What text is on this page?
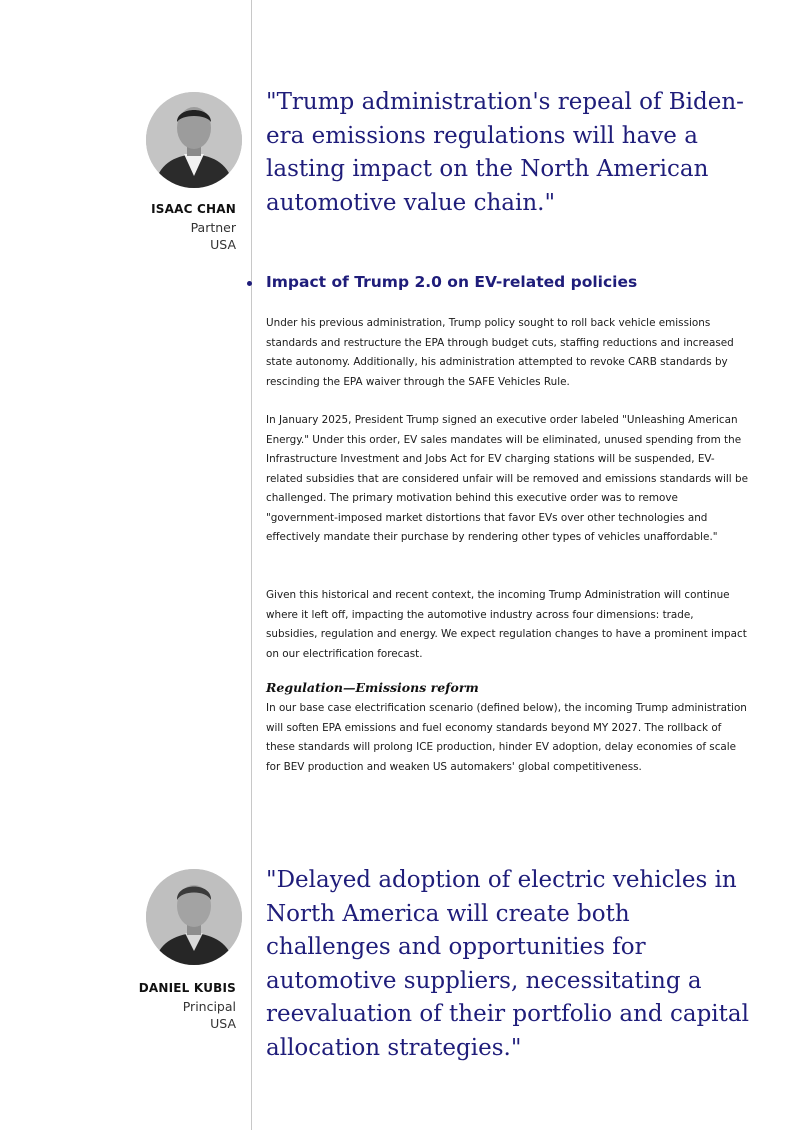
ISAAC CHAN
Partner
USA

"Trump administration's repeal of Biden-era emissions regulations will have a lasting impact on the North American automotive value chain."

Impact of Trump 2.0 on EV-related policies

Under his previous administration, Trump policy sought to roll back vehicle emissions standards and restructure the EPA through budget cuts, staffing reductions and increased state autonomy. Additionally, his administration attempted to revoke CARB standards by rescinding the EPA waiver through the SAFE Vehicles Rule.

In January 2025, President Trump signed an executive order labeled "Unleashing American Energy." Under this order, EV sales mandates will be eliminated, unused spending from the Infrastructure Investment and Jobs Act for EV charging stations will be suspended, EV-related subsidies that are considered unfair will be removed and emissions standards will be challenged. The primary motivation behind this executive order was to remove "government-imposed market distortions that favor EVs over other technologies and effectively mandate their purchase by rendering other types of vehicles unaffordable."

Given this historical and recent context, the incoming Trump Administration will continue where it left off, impacting the automotive industry across four dimensions: trade, subsidies, regulation and energy. We expect regulation changes to have a prominent impact on our electrification forecast.

Regulation—Emissions reform

In our base case electrification scenario (defined below), the incoming Trump administration will soften EPA emissions and fuel economy standards beyond MY 2027. The rollback of these standards will prolong ICE production, hinder EV adoption, delay economies of scale for BEV production and weaken US automakers' global competitiveness.

DANIEL KUBIS
Principal
USA

"Delayed adoption of electric vehicles in North America will create both challenges and opportunities for automotive suppliers, necessitating a reevaluation of their portfolio and capital allocation strategies."
